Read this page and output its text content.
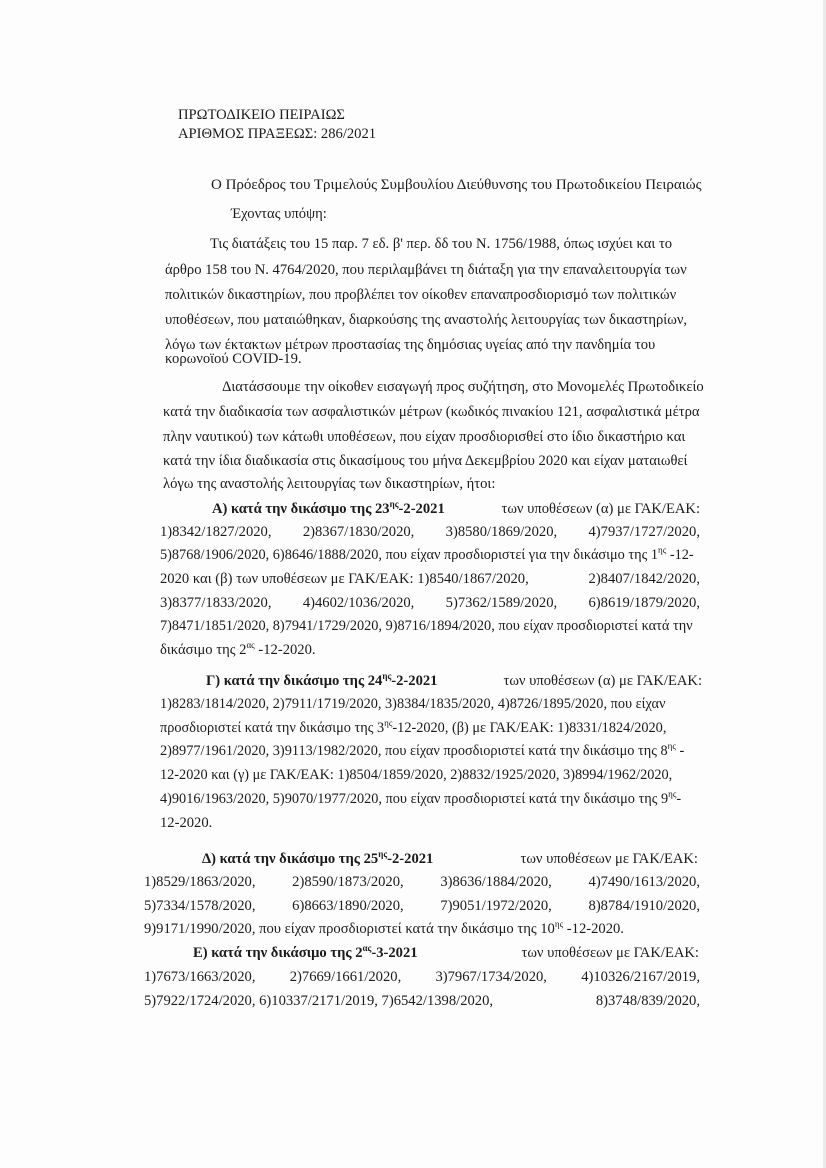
ΠΡΩΤΟΔΙΚΕΙΟ ΠΕΙΡΑΙΩΣ
ΑΡΙΘΜΟΣ ΠΡΑΞΕΩΣ: 286/2021
Ο Πρόεδρος του Τριμελούς Συμβουλίου Διεύθυνσης του Πρωτοδικείου Πειραιώς
Έχοντας υπόψη:
Τις διατάξεις του 15 παρ. 7 εδ. β' περ. δδ του Ν. 1756/1988, όπως ισχύει και το
άρθρο 158 του Ν. 4764/2020, που περιλαμβάνει τη διάταξη για την επαναλειτουργία των
πολιτικών δικαστηρίων, που προβλέπει τον οίκοθεν επαναπροσδιορισμό των πολιτικών
υποθέσεων, που ματαιώθηκαν, διαρκούσης της αναστολής λειτουργίας των δικαστηρίων,
λόγω των έκτακτων μέτρων προστασίας της δημόσιας υγείας από την πανδημία του
κορωνοϊού COVID-19.
Διατάσσουμε την οίκοθεν εισαγωγή προς συζήτηση, στο Μονομελές Πρωτοδικείο
κατά την διαδικασία των ασφαλιστικών μέτρων (κωδικός πινακίου 121, ασφαλιστικά μέτρα
πλην ναυτικού) των κάτωθι υποθέσεων, που είχαν προσδιορισθεί στο ίδιο δικαστήριο και
κατά την ίδια διαδικασία στις δικασίμους του μήνα Δεκεμβρίου 2020 και είχαν ματαιωθεί
λόγω της αναστολής λειτουργίας των δικαστηρίων, ήτοι:
Α) κατά την δικάσιμο της $23^{\eta\varsigma}-2-2021$	των υποθέσεων (α) με ΓΑΚ/ΕΑΚ:
1)8342/1827/2020, 2)8367/1830/2020, 3)8580/1869/2020, 4)7937/1727/2020,
5)8768/1906/2020, 6)8646/1888/2020, που είχαν προσδιοριστεί για την δικάσιμο της $1^{\eta\varsigma}$ -12-
2020 και (β) των υποθέσεων με ΓΑΚ/ΕΑΚ: 1)8540/1867/2020,	2)8407/1842/2020,
3)8377/1833/2020, 4)4602/1036/2020, 5)7362/1589/2020, 6)8619/1879/2020,
7)8471/1851/2020, 8)7941/1729/2020, 9)8716/1894/2020, που είχαν προσδιοριστεί κατά την
δικάσιμο της $2^{\alpha\varsigma}$ -12-2020.
Γ) κατά την δικάσιμο της $24^{\eta\varsigma}-2-2021$	των υποθέσεων (α) με ΓΑΚ/ΕΑΚ:
1)8283/1814/2020, 2)7911/1719/2020, 3)8384/1835/2020, 4)8726/1895/2020, που είχαν
προσδιοριστεί κατά την δικάσιμο της $3^{\eta\varsigma}-12-2020$, (β) με ΓΑΚ/ΕΑΚ: 1)8331/1824/2020,
2)8977/1961/2020, 3)9113/1982/2020, που είχαν προσδιοριστεί κατά την δικάσιμο της $8^{\eta\varsigma}$ -
12-2020 και (γ) με ΓΑΚ/ΕΑΚ: 1)8504/1859/2020, 2)8832/1925/2020, 3)8994/1962/2020,
4)9016/1963/2020, 5)9070/1977/2020, που είχαν προσδιοριστεί κατά την δικάσιμο της $9^{\eta\varsigma}-$
12-2020.
Δ) κατά την δικάσιμο της $25^{\eta\varsigma}-2-2021$	των υποθέσεων με ΓΑΚ/ΕΑΚ:
1)8529/1863/2020,	2)8590/1873/2020,	3)8636/1884/2020,	4)7490/1613/2020,
5)7334/1578/2020,	6)8663/1890/2020,	7)9051/1972/2020,	8)8784/1910/2020,
9)9171/1990/2020, που είχαν προσδιοριστεί κατά την δικάσιμο της $10^{\eta\varsigma}$ -12-2020.
Ε) κατά την δικάσιμο της $2^{\alpha\varsigma}-3-2021$	των υποθέσεων με ΓΑΚ/ΕΑΚ:
1)7673/1663/2020, 2)7669/1661/2020, 3)7967/1734/2020, 4)10326/2167/2019,
5)7922/1724/2020, 6)10337/2171/2019, 7)6542/1398/2020,	8)3748/839/2020,
